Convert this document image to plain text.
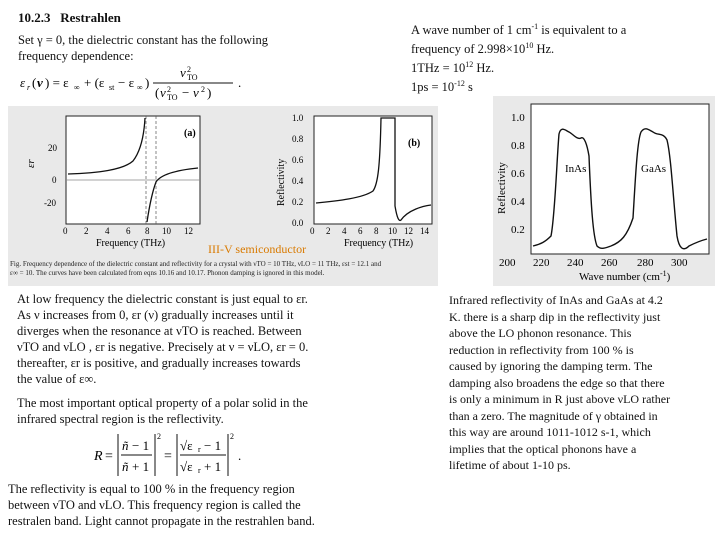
10.2.3 Restrahlen
Set γ = 0, the dielectric constant has the following
frequency dependence:
ε r ( ν ) = ε ∞ + (ε st − ε ∞ )
ν 2
TO
( ν 2
TO − ν 2 )
.
A wave number of 1 $cm^{-1}$ is equivalent to a
frequency of $2.998\times 10^{10}$ Hz.
$1THz = 10^{12}$ Hz.
$1ps = 10^{-12}$ s
(a)
εr
20
0
-20
0 2 4 6 8 10 12
Frequency (THz)
(b)
Reflectivity
1.0
0.8
0.6
0.4
0.2
0.0
0 2 4 6 8 10 12 14
Frequency (THz)
Fig. Frequency dependence of the dielectric constant and reflectivity for a crystal with νTO = 10 THz, νLO = 11 THz, εst = 12.1 and
ε∞ = 10. The curves have been calculated from eqns 10.16 and 10.17. Phonon damping is ignored in this model.
III-V semiconductor
Reflectivity
1.0
0.8
0.6
0.4
0.2
InAs	GaAs
200 220 240 260 280 300
Wave number $(cm^{-1})$
At low frequency the dielectric constant is just equal to εr.
As ν increases from 0, εr (ν) gradually increases until it
diverges when the resonance at νTO is reached. Between
νTO and νLO , εr is negative. Precisely at ν = νLO, εr = 0.
thereafter, εr is positive, and gradually increases towards
the value of ε∞.
The most important optical property of a polar solid in the
infrared spectral region is the reflectivity.
R =
ñ − 1
ñ + 1
2
=
√ε r − 1
√ε r + 1
2
.
The reflectivity is equal to 100 % in the frequency region
between νTO and νLO. This frequency region is called the
restralen band. Light cannot propagate in the restrahlen band.
Infrared reflectivity of InAs and GaAs at 4.2
K. there is a sharp dip in the reflectivity just
above the LO phonon resonance. This
reduction in reflectivity from 100 % is
caused by ignoring the damping term. The
damping also broadens the edge so that there
is only a minimum in R just above νLO rather
than a zero. The magnitude of γ obtained in
this way are around 1011-1012 s-1, which
implies that the optical phonons have a
lifetime of about 1-10 ps.
